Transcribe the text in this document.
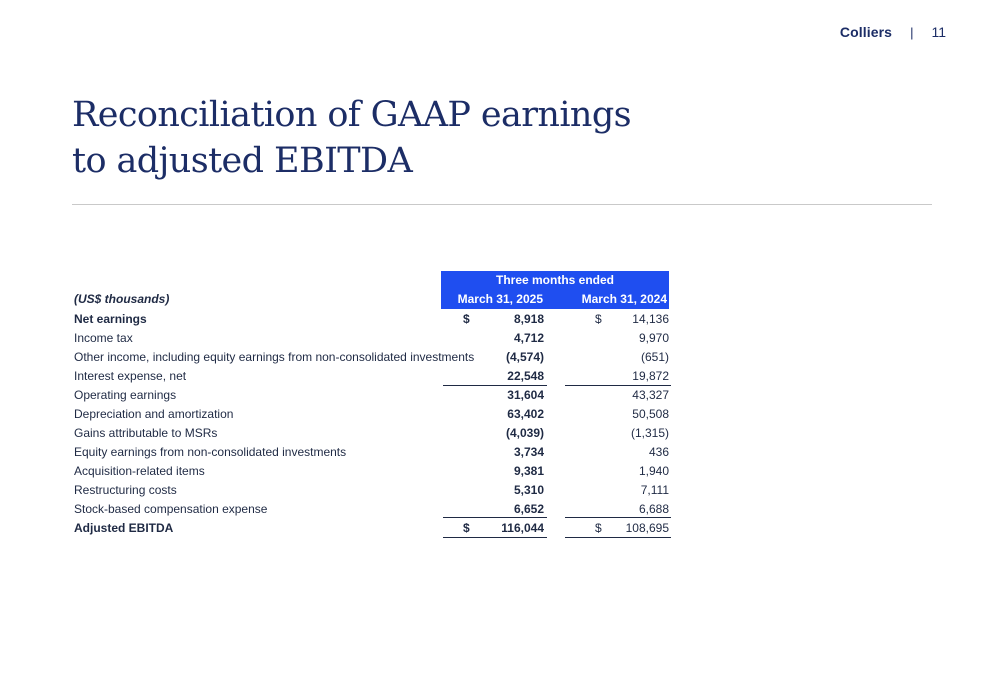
Colliers | 11
Reconciliation of GAAP earnings
to adjusted EBITDA
Three months ended
March 31, 2025	March 31, 2024
Net earnings	$	8,918	$	14,136
Income tax	4,712	9,970
Other income, including equity earnings from non-consolidated investments	(4,574)	(651)
Interest expense, net	22,548	19,872
Operating earnings	31,604	43,327
Depreciation and amortization	63,402	50,508
Gains attributable to MSRs	(4,039)	(1,315)
Equity earnings from non-consolidated investments	3,734	436
Acquisition-related items	9,381	1,940
Restructuring costs	5,310	7,111
Stock-based compensation expense	6,652	6,688
Adjusted EBITDA	$	116,044	$	108,695
(US$ thousands)
